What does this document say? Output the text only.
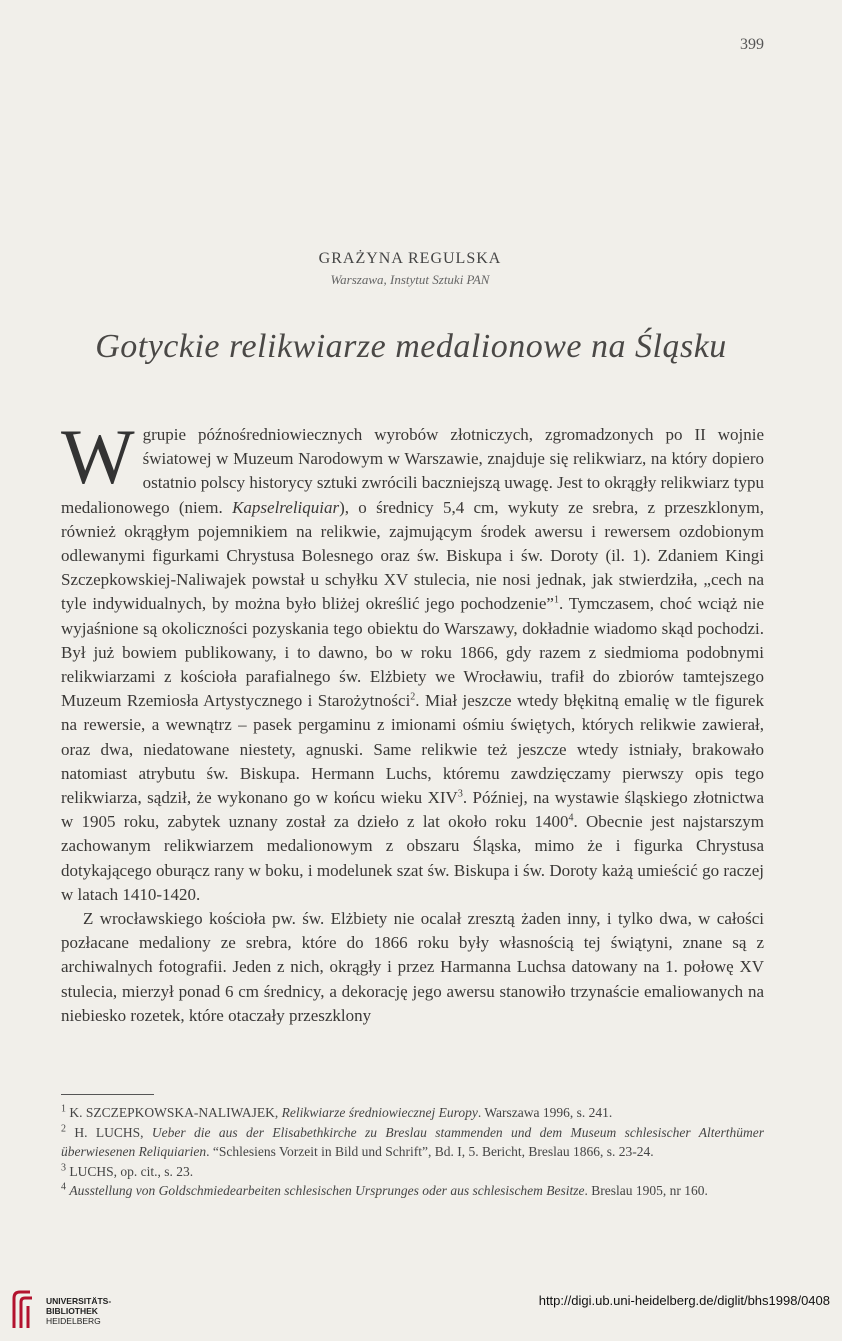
399
GRAŻYNA REGULSKA
Warszawa, Instytut Sztuki PAN
Gotyckie relikwiarze medalionowe na Śląsku

Wgrupie późnośredniowiecznych wyrobów złotniczych, zgromadzonych po II wojnie światowej w Muzeum Narodowym w Warszawie, znajduje się relikwiarz, na który dopiero ostatnio polscy historycy sztuki zwrócili baczniejszą uwagę. Jest to okrągły relikwiarz typu medalionowego (niem. Kapselreliquiar), o średnicy 5,4 cm, wykuty ze srebra, z przeszklonym, również okrągłym pojemnikiem na relikwie, zajmującym środek awersu i rewersem ozdobionym odlewanymi figurkami Chrystusa Bolesnego oraz św. Biskupa i św. Doroty (il. 1). Zdaniem Kingi Szczepkowskiej-Naliwajek powstał u schyłku XV stulecia, nie nosi jednak, jak stwierdziła, „cech na tyle indywidualnych, by można było bliżej określić jego pochodzenie”$^1$. Tymczasem, choć wciąż nie wyjaśnione są okoliczności pozyskania tego obiektu do Warszawy, dokładnie wiadomo skąd pochodzi. Był już bowiem publikowany, i to dawno, bo w roku 1866, gdy razem z siedmioma podobnymi relikwiarzami z kościoła parafialnego św. Elżbiety we Wrocławiu, trafił do zbiorów tamtejszego Muzeum Rzemiosła Artystycznego i Starożytności$^2$. Miał jeszcze wtedy błękitną emalię w tle figurek na rewersie, a wewnątrz – pasek pergaminu z imionami ośmiu świętych, których relikwie zawierał, oraz dwa, niedatowane niestety, agnuski. Same relikwie też jeszcze wtedy istniały, brakowało natomiast atrybutu św. Biskupa. Hermann Luchs, któremu zawdzięczamy pierwszy opis tego relikwiarza, sądził, że wykonano go w końcu wieku XIV$^3$. Później, na wystawie śląskiego złotnictwa w 1905 roku, zabytek uznany został za dzieło z lat około roku 1400$^4$. Obecnie jest najstarszym zachowanym relikwiarzem medalionowym z obszaru Śląska, mimo że i figurka Chrystusa dotykającego oburącz rany w boku, i modelunek szat św. Biskupa i św. Doroty każą umieścić go raczej w latach 1410-1420.

Z wrocławskiego kościoła pw. św. Elżbiety nie ocalał zresztą żaden inny, i tylko dwa, w całości pozłacane medaliony ze srebra, które do 1866 roku były własnością tej świątyni, znane są z archiwalnych fotografii. Jeden z nich, okrągły i przez Harmanna Luchsa datowany na 1. połowę XV stulecia, mierzył ponad 6 cm średnicy, a dekorację jego awersu stanowiło trzynaście emaliowanych na niebiesko rozetek, które otaczały przeszklony

$^1$ K. SZCZEPKOWSKA-NALIWAJEK, Relikwiarze średniowiecznej Europy. Warszawa 1996, s. 241.

$^2$ H. LUCHS, Ueber die aus der Elisabethkirche zu Breslau stammenden und dem Museum schlesischer Alterthümer überwiesenen Reliquiarien. “Schlesiens Vorzeit in Bild und Schrift”, Bd. I, 5. Bericht, Breslau 1866, s. 23-24.

$^3$ LUCHS, op. cit., s. 23.

$^4$ Ausstellung von Goldschmiedearbeiten schlesischen Ursprunges oder aus schlesischem Besitze. Breslau 1905, nr 160.

UNIVERSITÄTS-
BIBLIOTHEK
HEIDELBERG
http://digi.ub.uni-heidelberg.de/diglit/bhs1998/0408
